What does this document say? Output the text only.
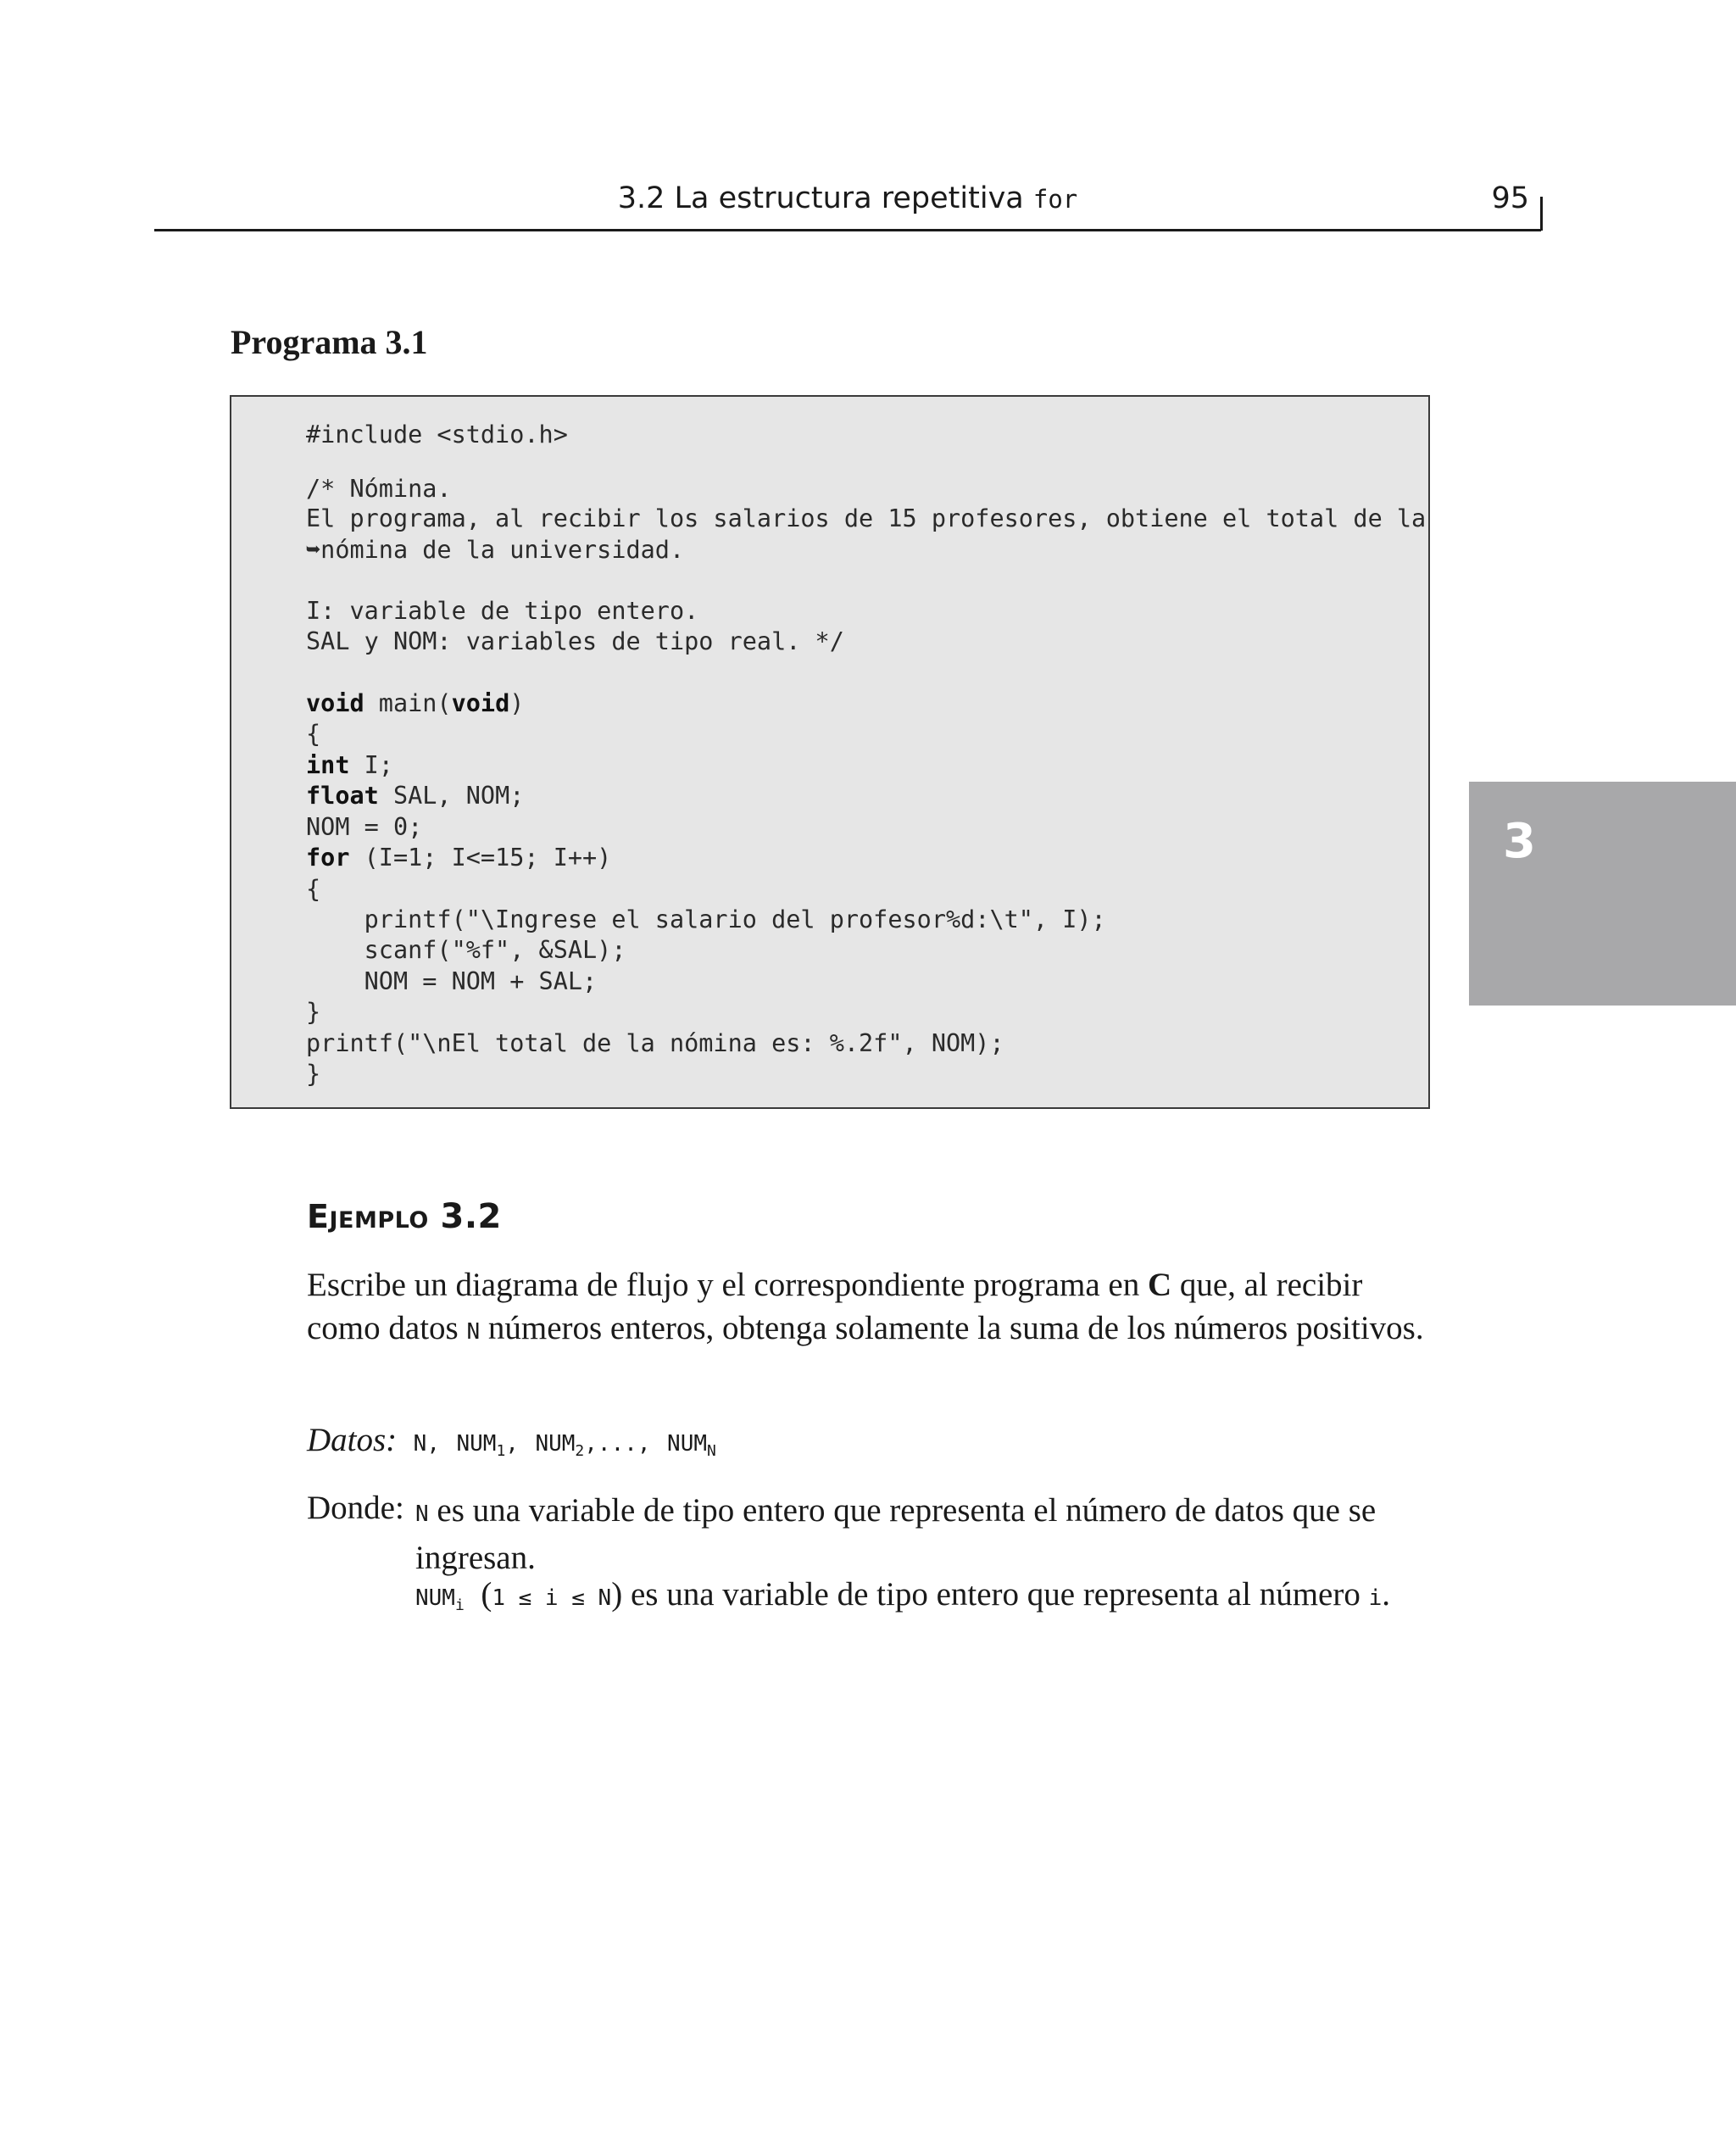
3.2 La estructura repetitiva for	95
Programa 3.1
#include <stdio.h>
/* Nómina.
El programa, al recibir los salarios de 15 profesores, obtiene el total de la
➥nómina de la universidad.
I: variable de tipo entero.
SAL y NOM: variables de tipo real. */
void main(void)
{
int I;
float SAL, NOM;
NOM = 0;
for (I=1; I<=15; I++)
{
printf("\Ingrese el salario del profesor%d:\t", I);
scanf("%f", &SAL);
NOM = NOM + SAL;
}
printf("\nEl total de la nómina es: %.2f", NOM);
}
3
Ejemplo 3.2
Escribe un diagrama de flujo y el correspondiente programa en C que, al recibir como datos N números enteros, obtenga solamente la suma de los números positivos.
Datos: N, $NUM_1$, $NUM_2$,..., $NUM_N$
Donde: N es una variable de tipo entero que representa el número de datos que se ingresan.
$NUM_i$ (1 ≤ i ≤ N) es una variable de tipo entero que representa al número i.
